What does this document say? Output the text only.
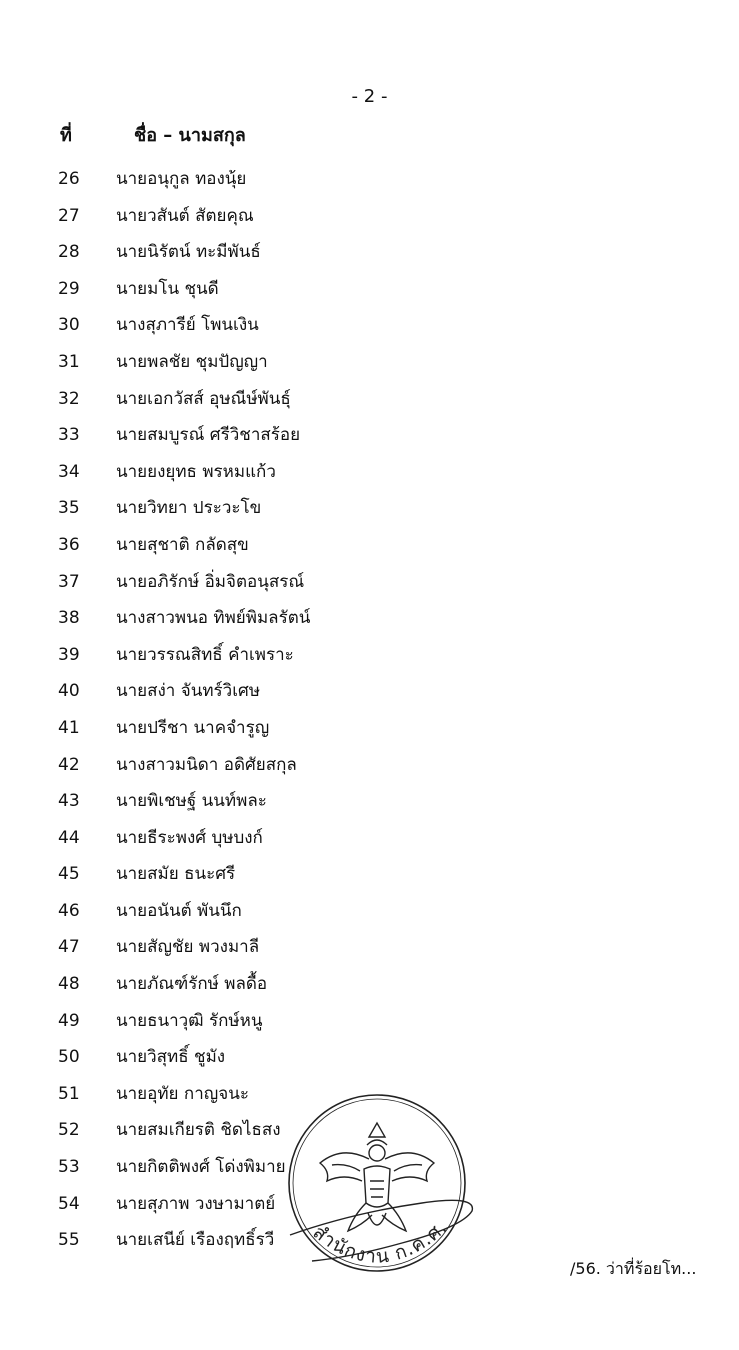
- 2 -
ที่	ชื่อ – นามสกุล
26	นายอนุกูล ทองนุ้ย
27	นายวสันต์ สัตยคุณ
28	นายนิรัตน์ ทะมีพันธ์
29	นายมโน ชุนดี
30	นางสุภารีย์ โพนเงิน
31	นายพลชัย ชุมปัญญา
32	นายเอกวัสส์ อุษณีษ์พันธุ์
33	นายสมบูรณ์ ศรีวิชาสร้อย
34	นายยงยุทธ พรหมแก้ว
35	นายวิทยา ประวะโข
36	นายสุชาติ กลัดสุข
37	นายอภิรักษ์ อิ่มจิตอนุสรณ์
38	นางสาวพนอ ทิพย์พิมลรัตน์
39	นายวรรณสิทธิ์ คำเพราะ
40	นายสง่า จันทร์วิเศษ
41	นายปรีชา นาคจำรูญ
42	นางสาวมนิดา อดิศัยสกุล
43	นายพิเชษฐ์ นนท์พละ
44	นายธีระพงศ์ บุษบงก์
45	นายสมัย ธนะศรี
46	นายอนันต์ พันนึก
47	นายสัญชัย พวงมาลี
48	นายภัณฑ์รักษ์ พลดื้อ
49	นายธนาวุฒิ รักษ์หนู
50	นายวิสุทธิ์ ชูมัง
51	นายอุทัย กาญจนะ
52	นายสมเกียรติ ชิดไธสง
53	นายกิตติพงศ์ โด่งพิมาย
54	นายสุภาพ วงษามาตย์
55	นายเสนีย์ เรืองฤทธิ์รวี สำนักงาน ก.ค.ศ.
/56. ว่าที่ร้อยโท...
